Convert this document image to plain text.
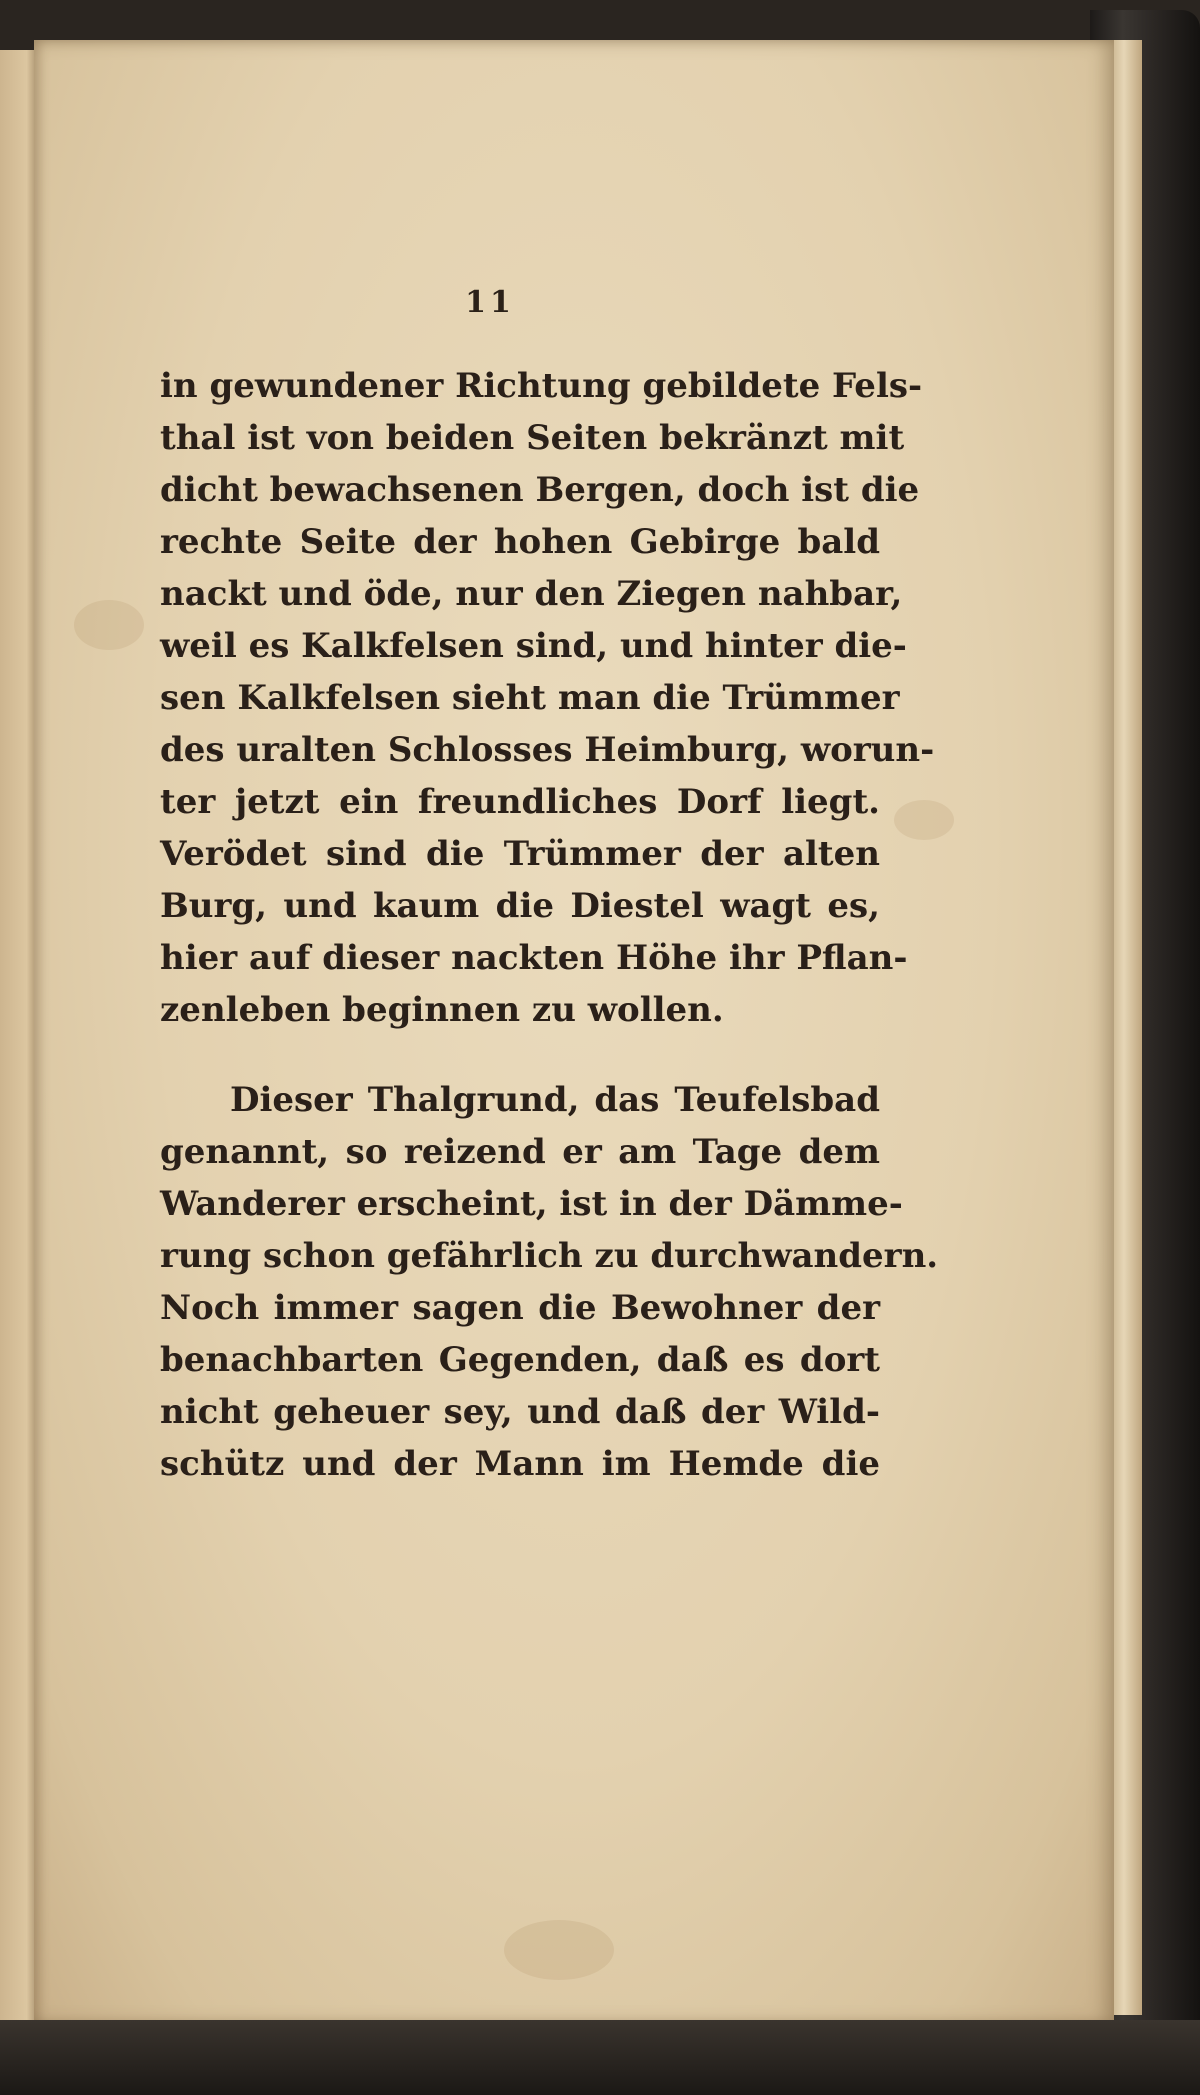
11
in gewundener Richtung gebildete Fels-
thal ist von beiden Seiten bekränzt mit
dicht bewachsenen Bergen, doch ist die
rechte Seite der hohen Gebirge bald
nackt und öde, nur den Ziegen nahbar,
weil es Kalkfelsen sind, und hinter die-
sen Kalkfelsen sieht man die Trümmer
des uralten Schlosses Heimburg, worun-
ter jetzt ein freundliches Dorf liegt.
Verödet sind die Trümmer der alten
Burg, und kaum die Diestel wagt es,
hier auf dieser nackten Höhe ihr Pflan-
zenleben beginnen zu wollen.
Dieser Thalgrund, das Teufelsbad
genannt, so reizend er am Tage dem
Wanderer erscheint, ist in der Dämme-
rung schon gefährlich zu durchwandern.
Noch immer sagen die Bewohner der
benachbarten Gegenden, daß es dort
nicht geheuer sey, und daß der Wild-
schütz und der Mann im Hemde die
